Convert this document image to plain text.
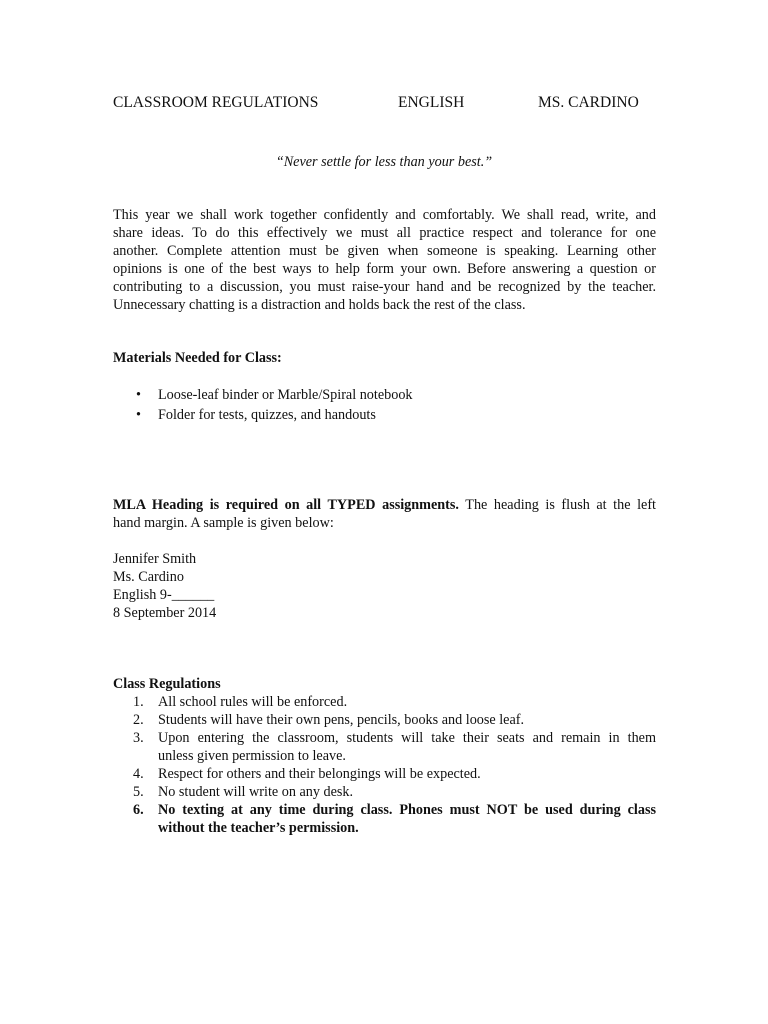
CLASSROOM REGULATIONS	ENGLISH	MS. CARDINO
“Never settle for less than your best.”

This year we shall work together confidently and comfortably. We shall read, write, and
share ideas. To do this effectively we must all practice respect and tolerance for one
another. Complete attention must be given when someone is speaking. Learning other
opinions is one of the best ways to help form your own. Before answering a question or
contributing to a discussion, you must raise-your hand and be recognized by the teacher.
Unnecessary chatting is a distraction and holds back the rest of the class.

Materials Needed for Class:

• Loose-leaf binder or Marble/Spiral notebook
• Folder for tests, quizzes, and handouts

MLA Heading is required on all TYPED assignments. The heading is flush at the left
hand margin. A sample is given below:

Jennifer Smith
Ms. Cardino
English 9-______
8 September 2014

Class Regulations

1. All school rules will be enforced.
2. Students will have their own pens, pencils, books and loose leaf.
3. Upon entering the classroom, students will take their seats and remain in them
unless given permission to leave.
4. Respect for others and their belongings will be expected.
5. No student will write on any desk.
6. No texting at any time during class. Phones must NOT be used during class
without the teacher’s permission.
